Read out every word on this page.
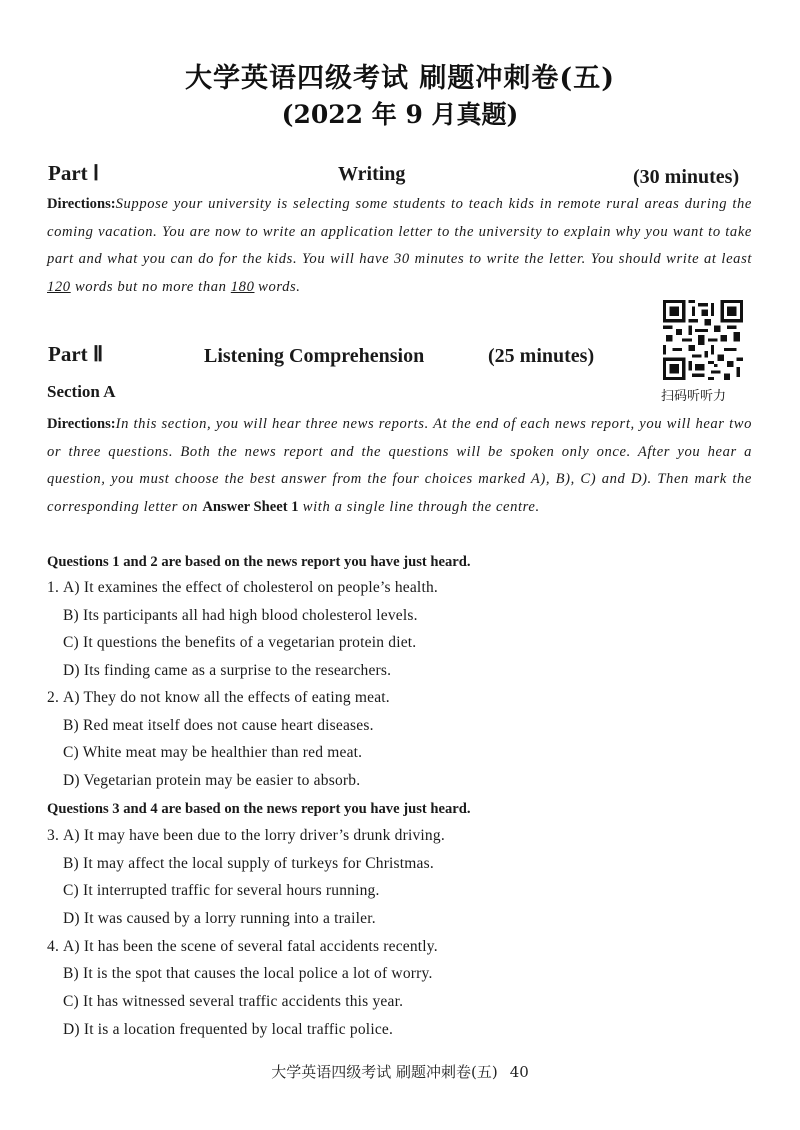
大学英语四级考试 刷题冲刺卷(五)
(2022 年 9 月真题)
Part Ⅰ	Writing	(30 minutes)
Directions:Suppose your university is selecting some students to teach kids in remote rural areas during the coming vacation. You are now to write an application letter to the university to explain why you want to take part and what you can do for the kids. You will have 30 minutes to write the letter. You should write at least 120 words but no more than 180 words.
Part Ⅱ	Listening Comprehension	(25 minutes)
扫码听听力
Section A
Directions:In this section, you will hear three news reports. At the end of each news report, you will hear two or three questions. Both the news report and the questions will be spoken only once. After you hear a question, you must choose the best answer from the four choices marked A), B), C) and D). Then mark the corresponding letter on Answer Sheet 1 with a single line through the centre.
Questions 1 and 2 are based on the news report you have just heard.
1. A) It examines the effect of cholesterol on people’s health.
B) Its participants all had high blood cholesterol levels.
C) It questions the benefits of a vegetarian protein diet.
D) Its finding came as a surprise to the researchers.
2. A) They do not know all the effects of eating meat.
B) Red meat itself does not cause heart diseases.
C) White meat may be healthier than red meat.
D) Vegetarian protein may be easier to absorb.
Questions 3 and 4 are based on the news report you have just heard.
3. A) It may have been due to the lorry driver’s drunk driving.
B) It may affect the local supply of turkeys for Christmas.
C) It interrupted traffic for several hours running.
D) It was caused by a lorry running into a trailer.
4. A) It has been the scene of several fatal accidents recently.
B) It is the spot that causes the local police a lot of worry.
C) It has witnessed several traffic accidents this year.
D) It is a location frequented by local traffic police.
大学英语四级考试 刷题冲刺卷(五) 40
